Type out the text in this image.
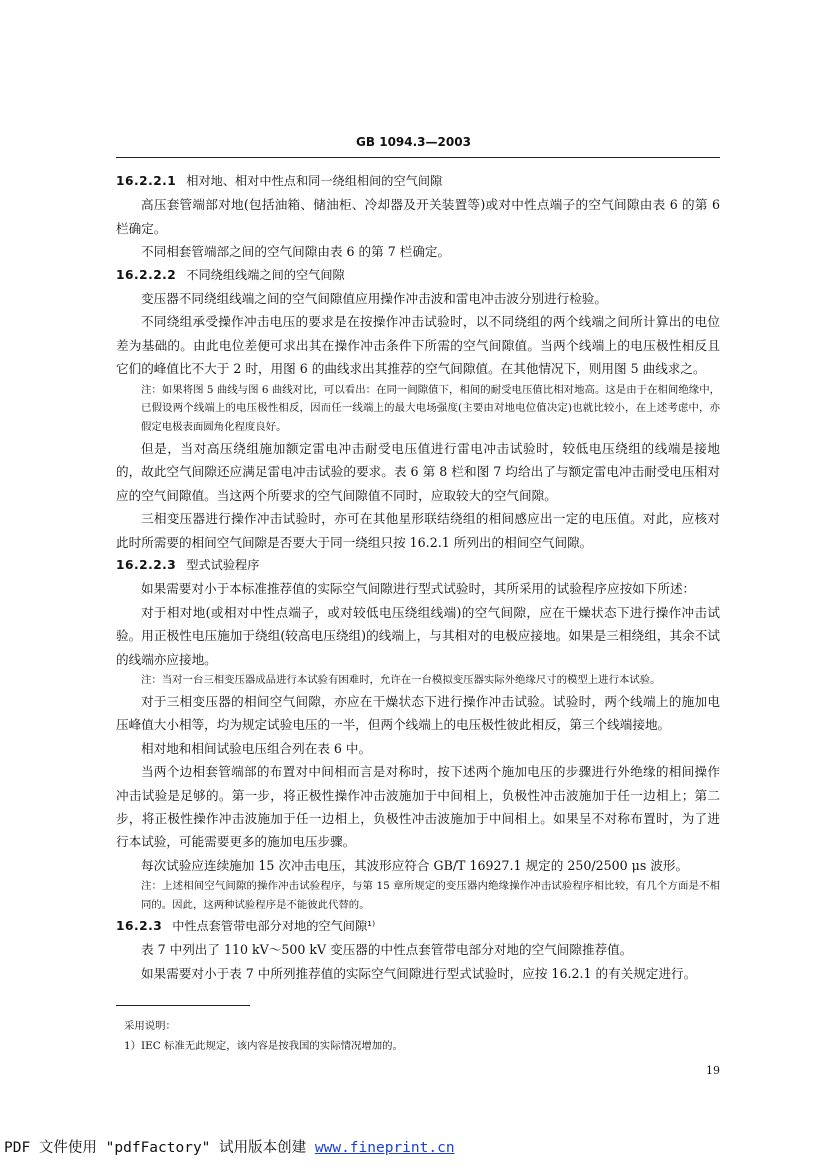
GB 1094.3—2003

16.2.2.1 相对地、相对中性点和同一绕组相间的空气间隙

高压套管端部对地(包括油箱、储油柜、冷却器及开关装置等)或对中性点端子的空气间隙由表 6 的第 6 栏确定。

不同相套管端部之间的空气间隙由表 6 的第 7 栏确定。

16.2.2.2 不同绕组线端之间的空气间隙

变压器不同绕组线端之间的空气间隙值应用操作冲击波和雷电冲击波分别进行检验。

不同绕组承受操作冲击电压的要求是在按操作冲击试验时，以不同绕组的两个线端之间所计算出的电位差为基础的。由此电位差便可求出其在操作冲击条件下所需的空气间隙值。当两个线端上的电压极性相反且它们的峰值比不大于 2 时，用图 6 的曲线求出其推荐的空气间隙值。在其他情况下，则用图 5 曲线求之。

注：如果将图 5 曲线与图 6 曲线对比，可以看出：在同一间隙值下，相间的耐受电压值比相对地高。这是由于在相间绝缘中，已假设两个线端上的电压极性相反，因而任一线端上的最大电场强度(主要由对地电位值决定)也就比较小，在上述考虑中，亦假定电极表面圆角化程度良好。

但是，当对高压绕组施加额定雷电冲击耐受电压值进行雷电冲击试验时，较低电压绕组的线端是接地的，故此空气间隙还应满足雷电冲击试验的要求。表 6 第 8 栏和图 7 均给出了与额定雷电冲击耐受电压相对应的空气间隙值。当这两个所要求的空气间隙值不同时，应取较大的空气间隙。

三相变压器进行操作冲击试验时，亦可在其他星形联结绕组的相间感应出一定的电压值。对此，应核对此时所需要的相间空气间隙是否要大于同一绕组只按 16.2.1 所列出的相间空气间隙。

16.2.2.3 型式试验程序

如果需要对小于本标准推荐值的实际空气间隙进行型式试验时，其所采用的试验程序应按如下所述：

对于相对地(或相对中性点端子，或对较低电压绕组线端)的空气间隙，应在干燥状态下进行操作冲击试验。用正极性电压施加于绕组(较高电压绕组)的线端上，与其相对的电极应接地。如果是三相绕组，其余不试的线端亦应接地。

注：当对一台三相变压器成品进行本试验有困难时，允许在一台模拟变压器实际外绝缘尺寸的模型上进行本试验。

对于三相变压器的相间空气间隙，亦应在干燥状态下进行操作冲击试验。试验时，两个线端上的施加电压峰值大小相等，均为规定试验电压的一半，但两个线端上的电压极性彼此相反，第三个线端接地。

相对地和相间试验电压组合列在表 6 中。

当两个边相套管端部的布置对中间相而言是对称时，按下述两个施加电压的步骤进行外绝缘的相间操作冲击试验是足够的。第一步，将正极性操作冲击波施加于中间相上，负极性冲击波施加于任一边相上；第二步，将正极性操作冲击波施加于任一边相上，负极性冲击波施加于中间相上。如果呈不对称布置时，为了进行本试验，可能需要更多的施加电压步骤。

每次试验应连续施加 15 次冲击电压，其波形应符合 GB/T 16927.1 规定的 250/2500 μs 波形。

注：上述相间空气间隙的操作冲击试验程序，与第 15 章所规定的变压器内绝缘操作冲击试验程序相比较，有几个方面是不相同的。因此，这两种试验程序是不能彼此代替的。

16.2.3 中性点套管带电部分对地的空气间隙¹⁾

表 7 中列出了 110 kV～500 kV 变压器的中性点套管带电部分对地的空气间隙推荐值。

如果需要对小于表 7 中所列推荐值的实际空气间隙进行型式试验时，应按 16.2.1 的有关规定进行。

采用说明：
1）IEC 标准无此规定，该内容是按我国的实际情况增加的。
19
PDF 文件使用 "pdfFactory" 试用版本创建 www.fineprint.cn
